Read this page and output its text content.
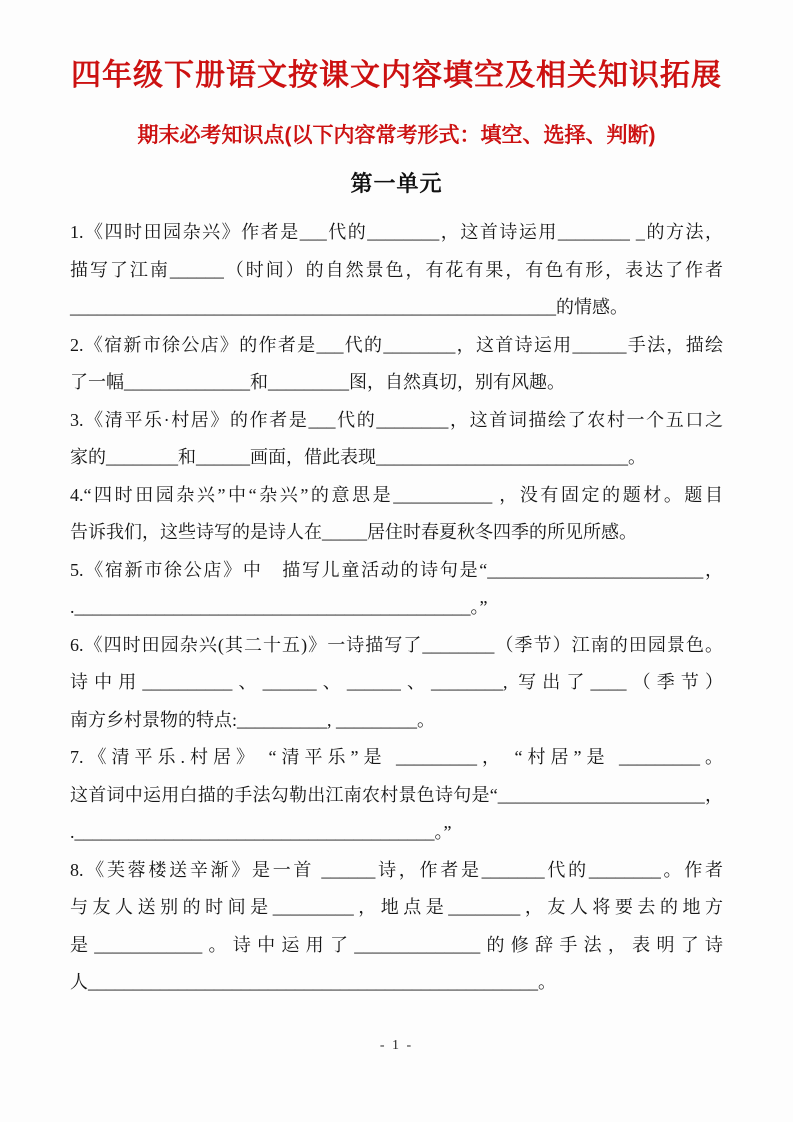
四年级下册语文按课文内容填空及相关知识拓展
期末必考知识点(以下内容常考形式：填空、选择、判断)
第一单元

1.《四时田园杂兴》作者是___代的________，这首诗运用________ _的方法，

描写了江南______（时间）的自然景色，有花有果，有色有形，表达了作者

______________________________________________________的情感。

2.《宿新市徐公店》的作者是___代的________，这首诗运用______手法，描绘

了一幅______________和_________图，自然真切，别有风趣。

3.《清平乐·村居》的作者是___代的________，这首词描绘了农村一个五口之

家的________和______画面，借此表现____________________________。

4.“四时田园杂兴”中“杂兴”的意思是___________ ，没有固定的题材。题目

告诉我们，这些诗写的是诗人在_____居住时春夏秋冬四季的所见所感。

5.《宿新市徐公店》中　描写儿童活动的诗句是“________________________，

.____________________________________________。”

6.《四时田园杂兴(其二十五)》一诗描写了________（季节）江南的田园景色。

诗中用__________、______、______、________, 写出了____（季节）

南方乡村景物的特点:__________, _________。

7.《清平乐.村居》 “清平乐”是 _________， “村居”是 _________。

这首词中运用白描的手法勾勒出江南农村景色诗句是“_______________________，

.________________________________________。”

8.《芙蓉楼送辛渐》是一首 ______诗，作者是_______代的________。作者

与友人送别的时间是_________，地点是________，友人将要去的地方

是____________。诗中运用了______________的修辞手法，表明了诗

人__________________________________________________。

- 1 -
